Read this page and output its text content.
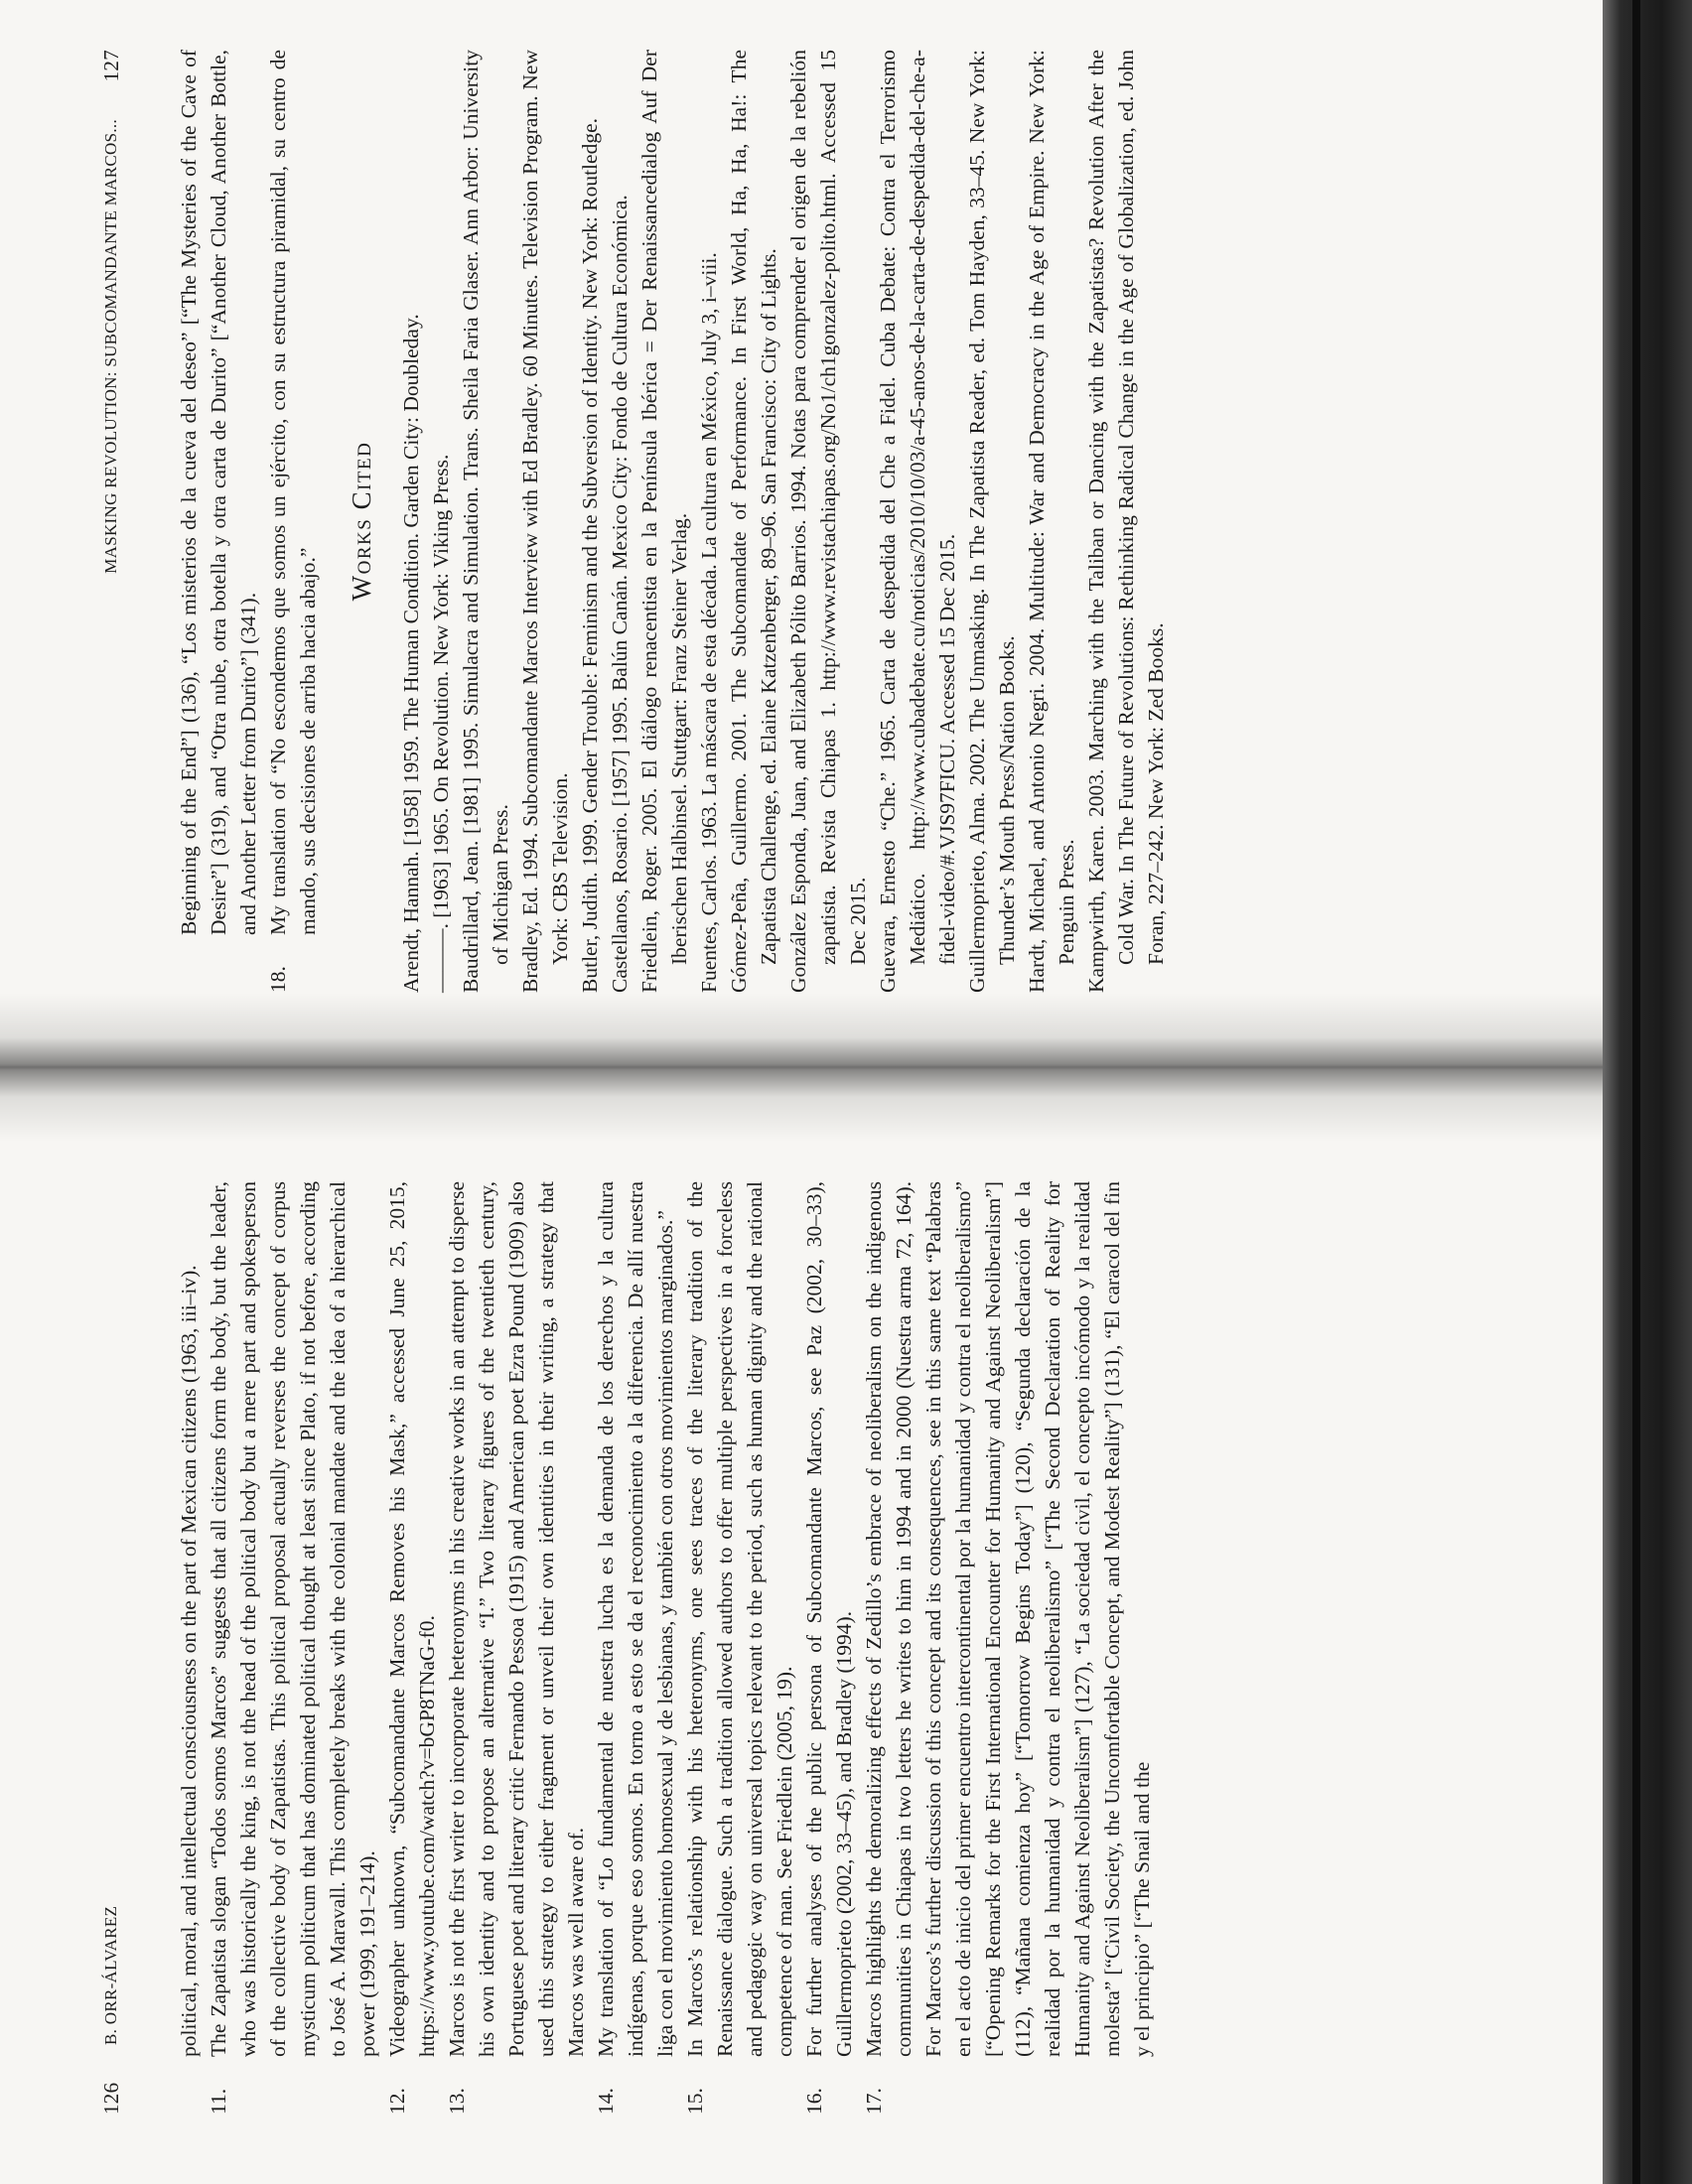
126
B. ORR-ÁLVAREZ	political, moral, and intellectual consciousness on the part of Mexican citizens (1963, iii–iv).

11.
The Zapatista slogan “Todos somos Marcos” suggests that all citizens form the body, but the leader, who was historically the king, is not the head of the political body but a mere part and spokesperson of the collective body of Zapatistas. This political proposal actually reverses the concept of corpus mysticum politicum that has dominated political thought at least since Plato, if not before, according to José A. Maravall. This completely breaks with the colonial mandate and the idea of a hierarchical power (1999, 191–214).

12.
Videographer unknown, “Subcomandante Marcos Removes his Mask,” accessed June 25, 2015, https://www.youtube.com/watch?v=bGP8TNaG-f0.

13.
Marcos is not the first writer to incorporate heteronyms in his creative works in an attempt to disperse his own identity and to propose an alternative “I.” Two literary figures of the twentieth century, Portuguese poet and literary critic Fernando Pessoa (1915) and American poet Ezra Pound (1909) also used this strategy to either fragment or unveil their own identities in their writing, a strategy that Marcos was well aware of.

14.
My translation of “Lo fundamental de nuestra lucha es la demanda de los derechos y la cultura indígenas, porque eso somos. En torno a esto se da el reconocimiento a la diferencia. De allí nuestra liga con el movimiento homosexual y de lesbianas, y también con otros movimientos marginados.”

15.
In Marcos’s relationship with his heteronyms, one sees traces of the literary tradition of the Renaissance dialogue. Such a tradition allowed authors to offer multiple perspectives in a forceless and pedagogic way on universal topics relevant to the period, such as human dignity and the rational competence of man. See Friedlein (2005, 19).

16.
For further analyses of the public persona of Subcomandante Marcos, see Paz (2002, 30–33), Guillermoprieto (2002, 33–45), and Bradley (1994).

17.
Marcos highlights the demoralizing effects of Zedillo’s embrace of neoliberalism on the indigenous communities in Chiapas in two letters he writes to him in 1994 and in 2000 (Nuestra arma 72, 164). For Marcos’s further discussion of this concept and its consequences, see in this same text “Palabras en el acto de inicio del primer encuentro intercontinental por la humanidad y contra el neoliberalismo” [“Opening Remarks for the First International Encounter for Humanity and Against Neoliberalism”] (112), “Mañana comienza hoy” [“Tomorrow Begins Today”] (120), “Segunda declaración de la realidad por la humanidad y contra el neoliberalismo” [“The Second Declaration of Reality for Humanity and Against Neoliberalism”] (127), “La sociedad civil, el concepto incómodo y la realidad molesta” [“Civil Society, the Uncomfortable Concept, and Modest Reality”] (131), “El caracol del fin y el principio” [“The Snail and the

MASKING REVOLUTION: SUBCOMANDANTE MARCOS...
127	Beginning of the End”] (136), “Los misterios de la cueva del deseo” [“The Mysteries of the Cave of Desire”] (319), and “Otra nube, otra botella y otra carta de Durito” [“Another Cloud, Another Bottle, and Another Letter from Durito”] (341).

18.
My translation of “No escondemos que somos un ejército, con su estructura piramidal, su centro de mando, sus decisiones de arriba hacia abajo.”

Works Cited Arendt, Hannah. [1958] 1959. The Human Condition. Garden City: Doubleday. ———. [1963] 1965. On Revolution. New York: Viking Press. Baudrillard, Jean. [1981] 1995. Simulacra and Simulation. Trans. Sheila Faria Glaser. Ann Arbor: University of Michigan Press. Bradley, Ed. 1994. Subcomandante Marcos Interview with Ed Bradley. 60 Minutes. Television Program. New York: CBS Television. Butler, Judith. 1999. Gender Trouble: Feminism and the Subversion of Identity. New York: Routledge. Castellanos, Rosario. [1957] 1995. Balún Canán. Mexico City: Fondo de Cultura Económica. Friedlein, Roger. 2005. El diálogo renacentista en la Península Ibérica = Der Renaissancedialog Auf Der Iberischen Halbinsel. Stuttgart: Franz Steiner Verlag. Fuentes, Carlos. 1963. La máscara de esta década. La cultura en México, July 3, i–viii. Gómez-Peña, Guillermo. 2001. The Subcomandate of Performance. In First World, Ha, Ha, Ha!: The Zapatista Challenge, ed. Elaine Katzenberger, 89–96. San Francisco: City of Lights. González Esponda, Juan, and Elizabeth Pólito Barrios. 1994. Notas para comprender el origen de la rebelión zapatista. Revista Chiapas 1. http://www.revistachiapas.org/No1/ch1gonzalez-polito.html. Accessed 15 Dec 2015. Guevara, Ernesto “Che.” 1965. Carta de despedida del Che a Fidel. Cuba Debate: Contra el Terrorismo Mediático. http://www.cubadebate.cu/noticias/2010/10/03/a-45-anos-de-la-carta-de-despedida-del-che-a-fidel-video/#.VJS97FICU. Accessed 15 Dec 2015. Guillermoprieto, Alma. 2002. The Unmasking. In The Zapatista Reader, ed. Tom Hayden, 33–45. New York: Thunder’s Mouth Press/Nation Books. Hardt, Michael, and Antonio Negri. 2004. Multitude: War and Democracy in the Age of Empire. New York: Penguin Press. Kampwirth, Karen. 2003. Marching with the Taliban or Dancing with the Zapatistas? Revolution After the Cold War. In The Future of Revolutions: Rethinking Radical Change in the Age of Globalization, ed. John Foran, 227–242. New York: Zed Books.
